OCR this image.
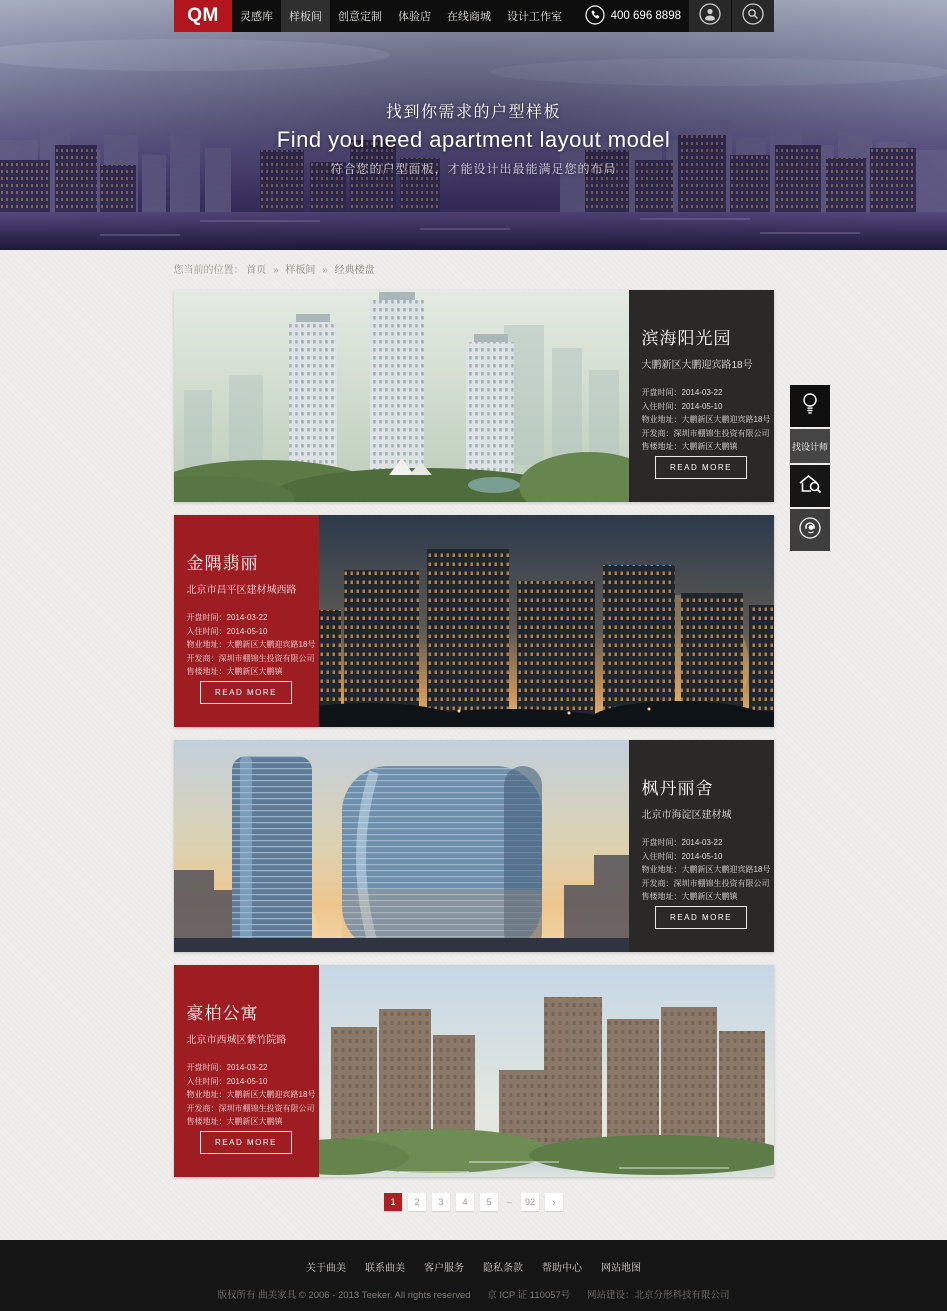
找到你需求的户型样板
Find you need apartment layout model
符合您的户型面板，才能设计出最能满足您的布局
QM	灵感库	样板间	创意定制	体验店	在线商城	设计工作室	400 696 8898
您当前的位置： 首页 » 样板间 » 经典楼盘
滨海阳光园
大鹏新区大鹏迎宾路18号
开盘时间：2014-03-22
入住时间：2014-05-10
物业地址：大鹏新区大鹏迎宾路18号
开发商：深圳市棚锦生投资有限公司
售楼地址：大鹏新区大鹏镇
READ MORE
金隅翡丽
北京市昌平区建材城西路
开盘时间：2014-03-22
入住时间：2014-05-10
物业地址：大鹏新区大鹏迎宾路18号
开发商：深圳市棚锦生投资有限公司
售楼地址：大鹏新区大鹏镇
READ MORE
枫丹丽舍
北京市海淀区建材城
开盘时间：2014-03-22
入住时间：2014-05-10
物业地址：大鹏新区大鹏迎宾路18号
开发商：深圳市棚锦生投资有限公司
售楼地址：大鹏新区大鹏镇
READ MORE
豪柏公寓
北京市西城区紫竹院路
开盘时间：2014-03-22
入住时间：2014-05-10
物业地址：大鹏新区大鹏迎宾路18号
开发商：深圳市棚锦生投资有限公司
售楼地址：大鹏新区大鹏镇
READ MORE
1	2	3	4	5	–	92	›
找设计师
关于曲美 联系曲美 客户服务 隐私条款 帮助中心 网站地图
版权所有 曲美家具 © 2006 - 2013 Teeker. All rights reserved 京 ICP 证 110057号 网站建设：北京分形科技有限公司
